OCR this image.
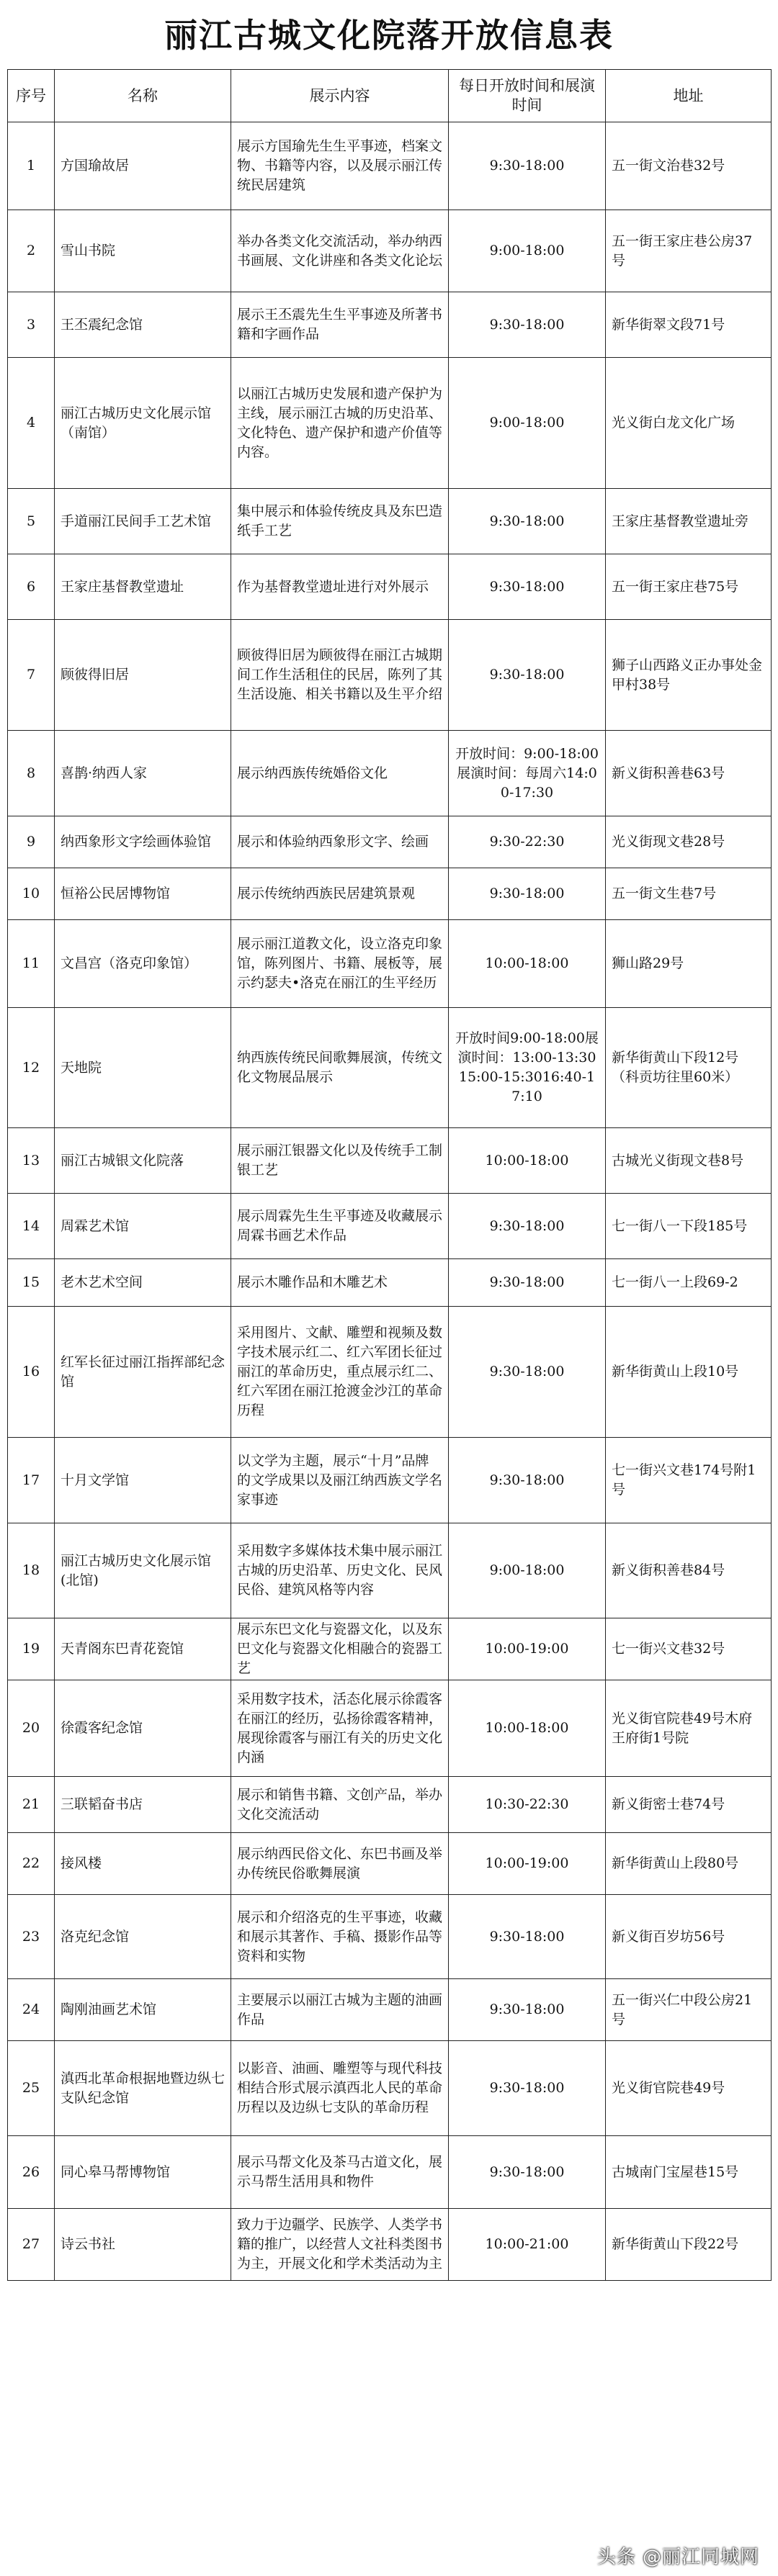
丽江古城文化院落开放信息表
序号	名称	展示内容	每日开放时间和展演时间	地址
1	方国瑜故居	展示方国瑜先生生平事迹，档案文物、书籍等内容，以及展示丽江传统民居建筑	9:30-18:00	五一街文治巷32号
2	雪山书院	举办各类文化交流活动，举办纳西书画展、文化讲座和各类文化论坛	9:00-18:00	五一街王家庄巷公房37号
3	王丕震纪念馆	展示王丕震先生生平事迹及所著书籍和字画作品	9:30-18:00	新华街翠文段71号
4	丽江古城历史文化展示馆（南馆）	以丽江古城历史发展和遗产保护为主线，展示丽江古城的历史沿革、文化特色、遗产保护和遗产价值等内容。	9:00-18:00	光义街白龙文化广场
5	手道丽江民间手工艺术馆	集中展示和体验传统皮具及东巴造纸手工艺	9:30-18:00	王家庄基督教堂遗址旁
6	王家庄基督教堂遗址	作为基督教堂遗址进行对外展示	9:30-18:00	五一街王家庄巷75号
7	顾彼得旧居	顾彼得旧居为顾彼得在丽江古城期间工作生活租住的民居，陈列了其生活设施、相关书籍以及生平介绍	9:30-18:00	狮子山西路义正办事处金甲村38号
8	喜鹊·纳西人家	展示纳西族传统婚俗文化	开放时间：9:00-18:00展演时间：每周六14:00-17:30	新义街积善巷63号
9	纳西象形文字绘画体验馆	展示和体验纳西象形文字、绘画	9:30-22:30	光义街现文巷28号
10	恒裕公民居博物馆	展示传统纳西族民居建筑景观	9:30-18:00	五一街文生巷7号
11	文昌宫（洛克印象馆）	展示丽江道教文化，设立洛克印象馆，陈列图片、书籍、展板等，展示约瑟夫•洛克在丽江的生平经历	10:00-18:00	狮山路29号
12	天地院	纳西族传统民间歌舞展演，传统文化文物展品展示	开放时间9:00-18:00展演时间：13:00-13:3015:00-15:3016:40-17:10	新华街黄山下段12号（科贡坊往里60米）
13	丽江古城银文化院落	展示丽江银器文化以及传统手工制银工艺	10:00-18:00	古城光义街现文巷8号
14	周霖艺术馆	展示周霖先生生平事迹及收藏展示周霖书画艺术作品	9:30-18:00	七一街八一下段185号
15	老木艺术空间	展示木雕作品和木雕艺术	9:30-18:00	七一街八一上段69-2
16	红军长征过丽江指挥部纪念馆	采用图片、文献、雕塑和视频及数字技术展示红二、红六军团长征过丽江的革命历史，重点展示红二、红六军团在丽江抢渡金沙江的革命历程	9:30-18:00	新华街黄山上段10号
17	十月文学馆	以文学为主题，展示“十月”品牌的文学成果以及丽江纳西族文学名家事迹	9:30-18:00	七一街兴文巷174号附1号
18	丽江古城历史文化展示馆(北馆)	采用数字多媒体技术集中展示丽江古城的历史沿革、历史文化、民风民俗、建筑风格等内容	9:00-18:00	新义街积善巷84号
19	天青阁东巴青花瓷馆	展示东巴文化与瓷器文化，以及东巴文化与瓷器文化相融合的瓷器工艺	10:00-19:00	七一街兴文巷32号
20	徐霞客纪念馆	采用数字技术，活态化展示徐霞客在丽江的经历，弘扬徐霞客精神，展现徐霞客与丽江有关的历史文化内涵	10:00-18:00	光义街官院巷49号木府王府街1号院
21	三联韬奋书店	展示和销售书籍、文创产品，举办文化交流活动	10:30-22:30	新义街密士巷74号
22	接风楼	展示纳西民俗文化、东巴书画及举办传统民俗歌舞展演	10:00-19:00	新华街黄山上段80号
23	洛克纪念馆	展示和介绍洛克的生平事迹，收藏和展示其著作、手稿、摄影作品等资料和实物	9:30-18:00	新义街百岁坊56号
24	陶刚油画艺术馆	主要展示以丽江古城为主题的油画作品	9:30-18:00	五一街兴仁中段公房21号
25	滇西北革命根据地暨边纵七支队纪念馆	以影音、油画、雕塑等与现代科技相结合形式展示滇西北人民的革命历程以及边纵七支队的革命历程	9:30-18:00	光义街官院巷49号
26	同心皋马帮博物馆	展示马帮文化及茶马古道文化，展示马帮生活用具和物件	9:30-18:00	古城南门宝屋巷15号
27	诗云书社	致力于边疆学、民族学、人类学书籍的推广，以经营人文社科类图书为主，开展文化和学术类活动为主	10:00-21:00	新华街黄山下段22号
头条 @丽江同城网
